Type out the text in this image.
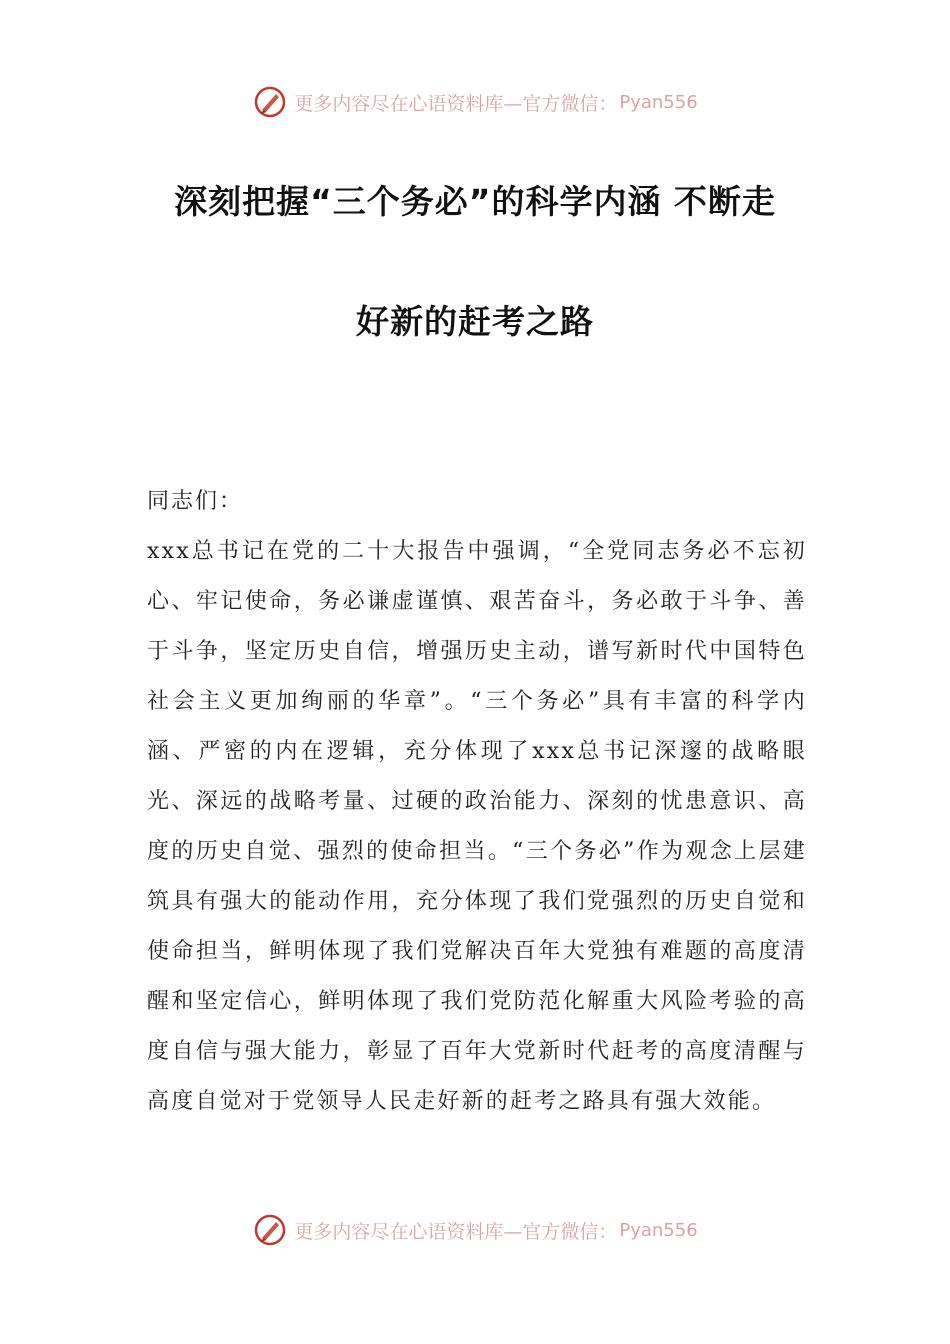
更多内容尽在心语资料库—官方微信： Pyan556
深刻把握“三个务必”的科学内涵 不断走
好新的赶考之路

同志们：

xxx总书记在党的二十大报告中强调，“全党同志务必不忘初心、牢记使命，务必谦虚谨慎、艰苦奋斗，务必敢于斗争、善于斗争，坚定历史自信，增强历史主动，谱写新时代中国特色社会主义更加绚丽的华章”。“三个务必”具有丰富的科学内涵、严密的内在逻辑，充分体现了xxx总书记深邃的战略眼光、深远的战略考量、过硬的政治能力、深刻的忧患意识、高度的历史自觉、强烈的使命担当。“三个务必”作为观念上层建筑具有强大的能动作用，充分体现了我们党强烈的历史自觉和使命担当，鲜明体现了我们党解决百年大党独有难题的高度清醒和坚定信心，鲜明体现了我们党防范化解重大风险考验的高度自信与强大能力，彰显了百年大党新时代赶考的高度清醒与高度自觉对于党领导人民走好新的赶考之路具有强大效能。

更多内容尽在心语资料库—官方微信： Pyan556
